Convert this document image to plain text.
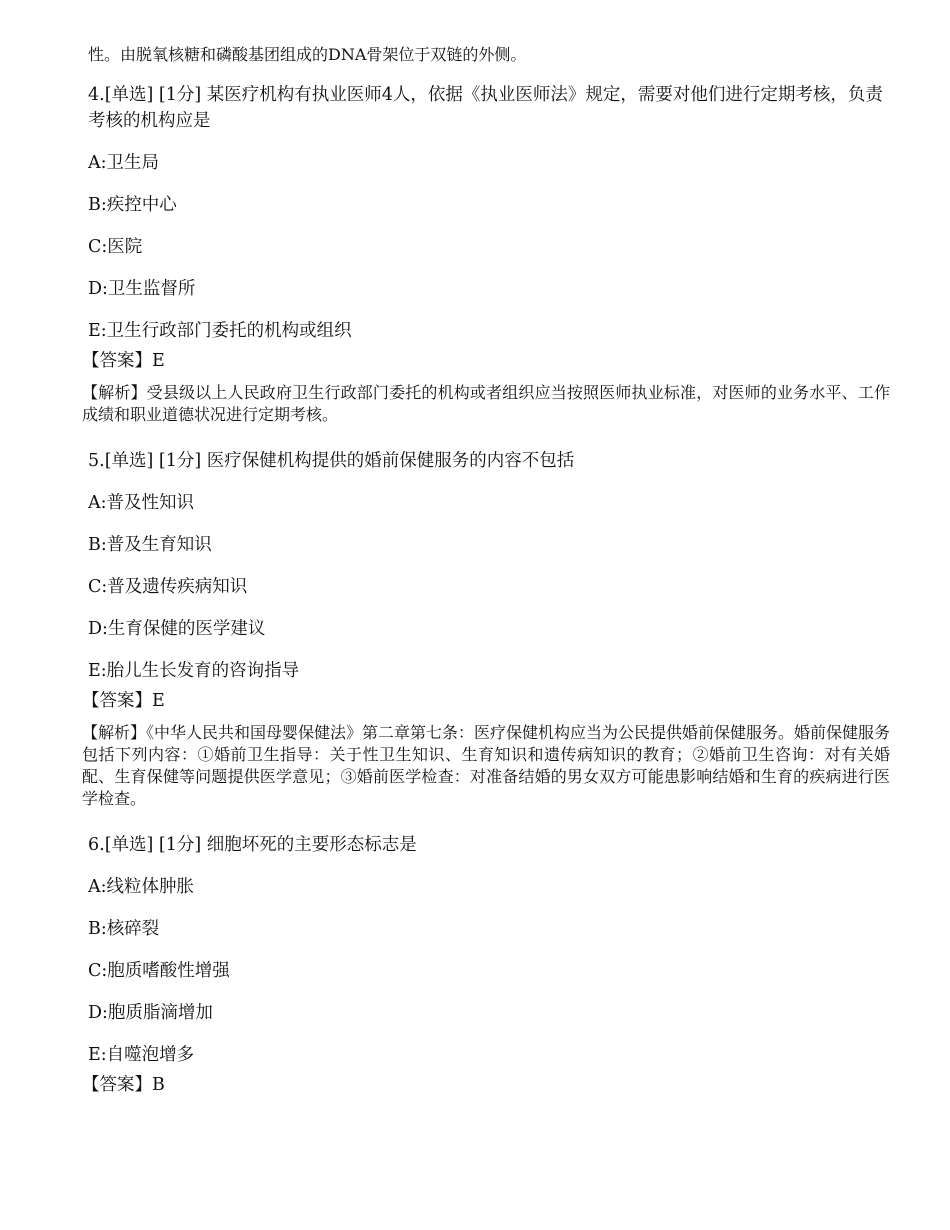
性。由脱氧核糖和磷酸基团组成的DNA骨架位于双链的外侧。

4.[单选] [1分] 某医疗机构有执业医师4人，依据《执业医师法》规定，需要对他们进行定期考核，负责考核的机构应是

A:卫生局

B:疾控中心

C:医院

D:卫生监督所

E:卫生行政部门委托的机构或组织

【答案】E

【解析】受县级以上人民政府卫生行政部门委托的机构或者组织应当按照医师执业标准，对医师的业务水平、工作成绩和职业道德状况进行定期考核。

5.[单选] [1分] 医疗保健机构提供的婚前保健服务的内容不包括

A:普及性知识

B:普及生育知识

C:普及遗传疾病知识

D:生育保健的医学建议

E:胎儿生长发育的咨询指导

【答案】E

【解析】《中华人民共和国母婴保健法》第二章第七条：医疗保健机构应当为公民提供婚前保健服务。婚前保健服务包括下列内容：①婚前卫生指导：关于性卫生知识、生育知识和遗传病知识的教育；②婚前卫生咨询：对有关婚配、生育保健等问题提供医学意见；③婚前医学检查：对准备结婚的男女双方可能患影响结婚和生育的疾病进行医学检查。

6.[单选] [1分] 细胞坏死的主要形态标志是

A:线粒体肿胀

B:核碎裂

C:胞质嗜酸性增强

D:胞质脂滴增加

E:自噬泡增多

【答案】B
